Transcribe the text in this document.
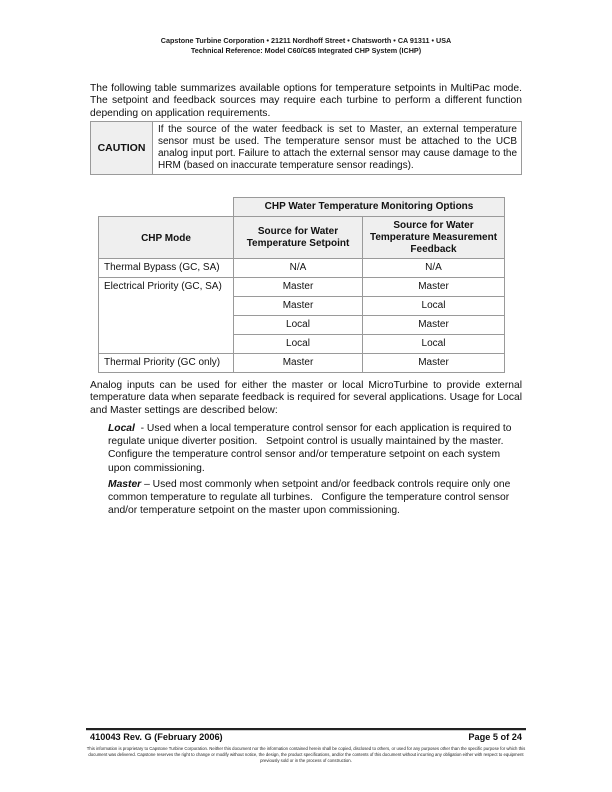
Capstone Turbine Corporation • 21211 Nordhoff Street • Chatsworth • CA 91311 • USA
Technical Reference: Model C60/C65 Integrated CHP System (ICHP)
The following table summarizes available options for temperature setpoints in MultiPac mode. The setpoint and feedback sources may require each turbine to perform a different function depending on application requirements.
CAUTION	If the source of the water feedback is set to Master, an external temperature sensor must be used. The temperature sensor must be attached to the UCB analog input port. Failure to attach the external sensor may cause damage to the HRM (based on inaccurate temperature sensor readings).
	CHP Water Temperature Monitoring Options	
CHP Mode	Source for Water Temperature Setpoint	Source for Water Temperature Measurement Feedback
Thermal Bypass (GC, SA)	N/A	N/A
Electrical Priority (GC, SA)	Master	Master
	Master	Local
	Local	Master
	Local	Local
Thermal Priority (GC only)	Master	Master
Analog inputs can be used for either the master or local MicroTurbine to provide external temperature data when separate feedback is required for several applications. Usage for Local and Master settings are described below:
Local  - Used when a local temperature control sensor for each application is required to regulate unique diverter position.   Setpoint control is usually maintained by the master. Configure the temperature control sensor and/or temperature setpoint on each system upon commissioning.
Master – Used most commonly when setpoint and/or feedback controls require only one common temperature to regulate all turbines.   Configure the temperature control sensor and/or temperature setpoint on the master upon commissioning.
410043 Rev. G (February 2006)	Page 5 of 24
This information is proprietary to Capstone Turbine Corporation. Neither this document nor the information contained herein shall be copied, disclosed to others, or used for any purposes other than the specific purpose for which this document was delivered. Capstone reserves the right to change or modify without notice, the design, the product specifications, and/or the contents of this document without incurring any obligation either with respect to equipment previously sold or in the process of construction.
